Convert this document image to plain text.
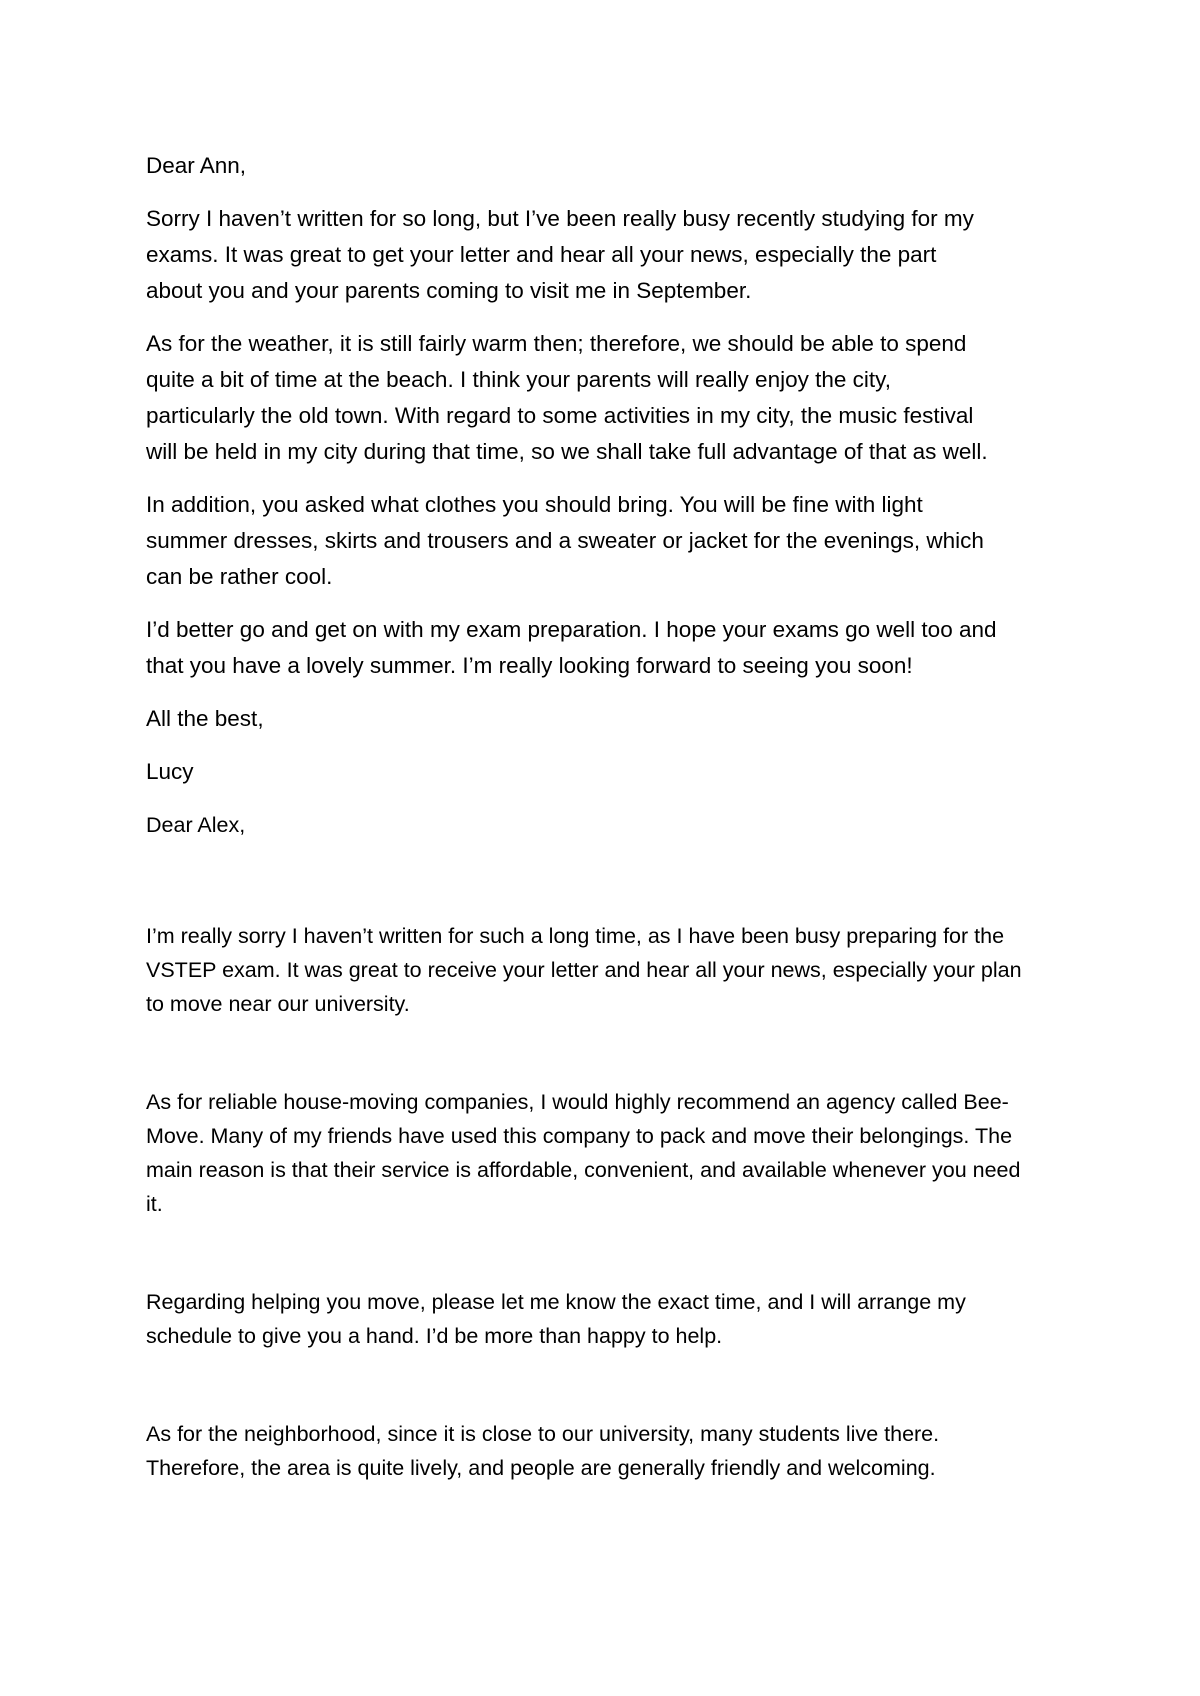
Dear Ann,
Sorry I haven’t written for so long, but I’ve been really busy recently studying for my
exams. It was great to get your letter and hear all your news, especially the part
about you and your parents coming to visit me in September.
As for the weather, it is still fairly warm then; therefore, we should be able to spend
quite a bit of time at the beach. I think your parents will really enjoy the city,
particularly the old town. With regard to some activities in my city, the music festival
will be held in my city during that time, so we shall take full advantage of that as well.
In addition, you asked what clothes you should bring. You will be fine with light
summer dresses, skirts and trousers and a sweater or jacket for the evenings, which
can be rather cool.
I’d better go and get on with my exam preparation. I hope your exams go well too and
that you have a lovely summer. I’m really looking forward to seeing you soon!
All the best,
Lucy
Dear Alex,
I’m really sorry I haven’t written for such a long time, as I have been busy preparing for the
VSTEP exam. It was great to receive your letter and hear all your news, especially your plan
to move near our university.
As for reliable house-moving companies, I would highly recommend an agency called Bee-
Move. Many of my friends have used this company to pack and move their belongings. The
main reason is that their service is affordable, convenient, and available whenever you need
it.
Regarding helping you move, please let me know the exact time, and I will arrange my
schedule to give you a hand. I’d be more than happy to help.
As for the neighborhood, since it is close to our university, many students live there.
Therefore, the area is quite lively, and people are generally friendly and welcoming.
